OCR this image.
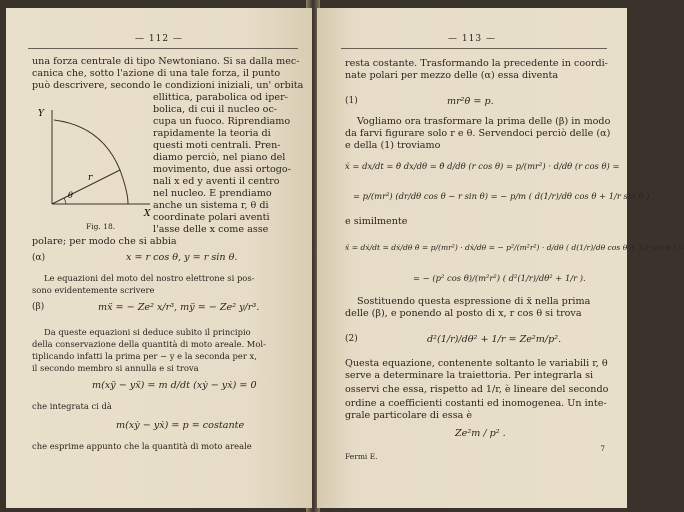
— 112 —
una forza centrale di tipo Newtoniano. Si sa dalla mec-
canica che, sotto l'azione di una tale forza, il punto
può descrivere, secondo le condizioni iniziali, un' orbita
ellittica, parabolica od iper-
bolica, di cui il nucleo oc-
cupa un fuoco. Riprendiamo
rapidamente la teoria di
questi moti centrali. Pren-
diamo perciò, nel piano del
movimento, due assi ortogo-
nali x ed y aventi il centro
nel nucleo. E prendiamo
anche un sistema r, θ di
coordinate polari aventi
l'asse delle x come asse
polare; per modo che si abbia
Y
X
r
θ
Fig. 18.
(α)	x = r cos θ, y = r sin θ.
Le equazioni del moto del nostro elettrone si pos-
sono evidentemente scrivere
(β)	mẍ = − Ze² x/r³, mÿ = − Ze² y/r³.
Da queste equazioni si deduce subito il principio
della conservazione della quantità di moto areale. Mol-
tiplicando infatti la prima per − y e la seconda per x,
il secondo membro si annulla e si trova
m(xÿ − yẍ) = m d/dt (xẏ − yẋ) = 0
che integrata ci dà
m(xẏ − yẋ) = p = costante
che esprime appunto che la quantità di moto areale
— 113 —
resta costante. Trasformando la precedente in coordi-
nate polari per mezzo delle (α) essa diventa
(1)	mr²θ̇ = p.
Vogliamo ora trasformare la prima delle (β) in modo
da farvi figurare solo r e θ. Servendoci perciò delle (α)
e della (1) troviamo
ẋ = dx/dt = θ̇ dx/dθ = θ̇ d/dθ (r cos θ) = p/(mr²) · d/dθ (r cos θ) =
= p/(mr²) (dr/dθ cos θ − r sin θ) = − p/m ( d(1/r)/dθ cos θ + 1/r sin θ )
e similmente
ẍ = dẋ/dt = dẋ/dθ θ̇ = p/(mr²) · dẋ/dθ = − p²/(m²r²) · d/dθ ( d(1/r)/dθ cos θ + 1/r sin θ ) =
= − (p² cos θ)/(m²r²) ( d²(1/r)/dθ² + 1/r ).
Sostituendo questa espressione di ẍ nella prima
delle (β), e ponendo al posto di x, r cos θ si trova
(2)	d²(1/r)/dθ² + 1/r = Ze²m/p².
Questa equazione, contenente soltanto le variabili r, θ
serve a determinare la traiettoria. Per integrarla si
osservi che essa, rispetto ad 1/r, è lineare del secondo
ordine a coefficienti costanti ed inomogenea. Un inte-
grale particolare di essa è
Ze²m / p² .
Fermi E.
7
